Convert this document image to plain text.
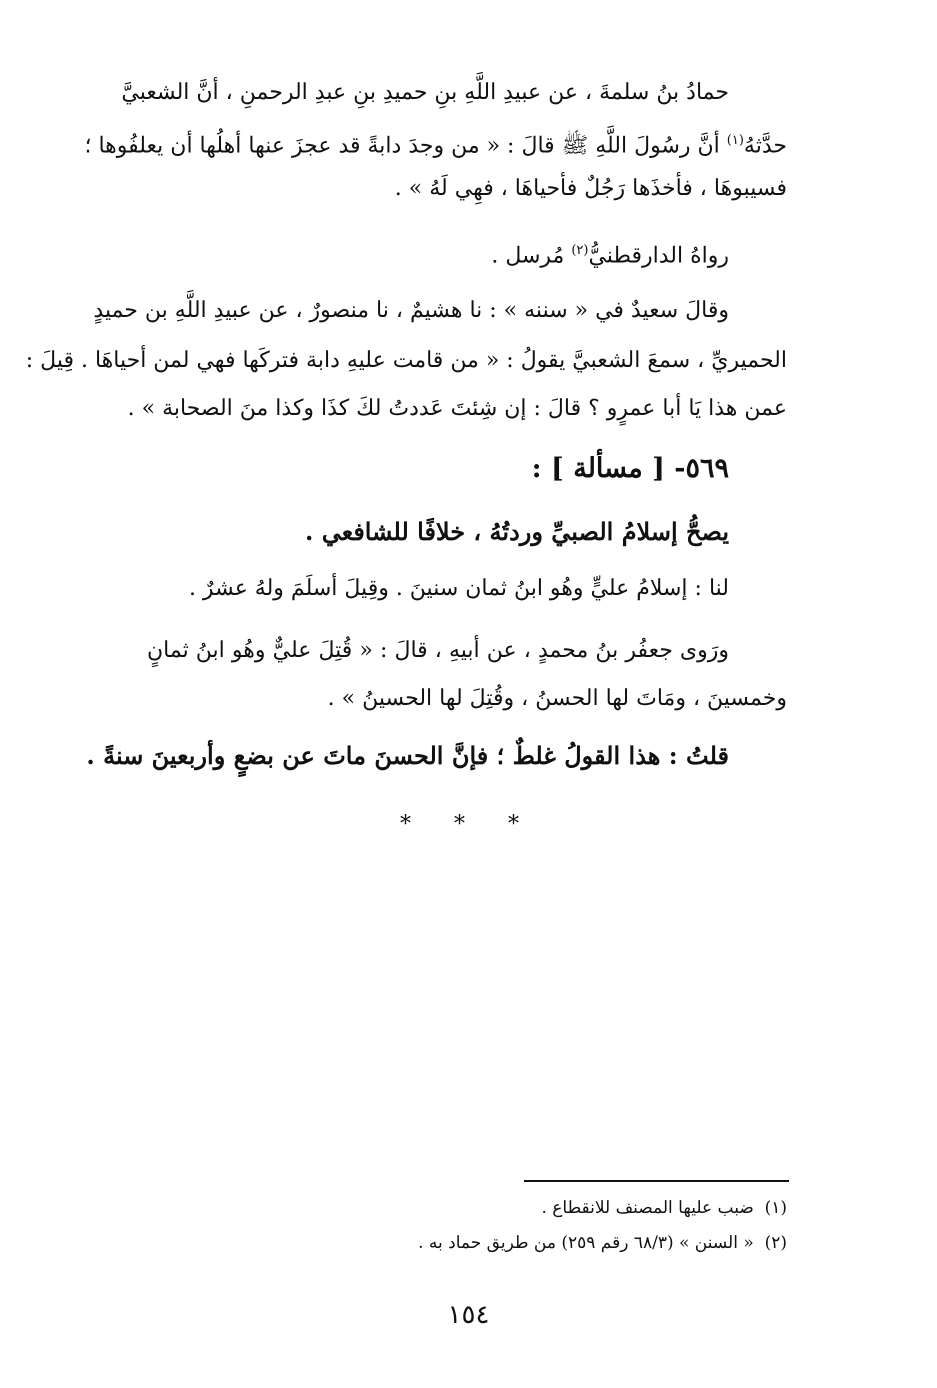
حمادُ بنُ سلمةَ ، عن عبيدِ اللَّهِ بنِ حميدِ بنِ عبدِ الرحمنِ ، أنَّ الشعبيَّ
حدَّثهُ$^{(١)}$ أنَّ رسُولَ اللَّهِ ﷺ قالَ : « من وجدَ دابةً قد عجزَ عنها أهلُها أن يعلفُوها ؛
فسيبوهَا ، فأخذَها رَجُلٌ فأحياهَا ، فهِي لَهُ » .
رواهُ الدارقطنيُّ$^{(٢)}$ مُرسل .
وقالَ سعيدٌ في « سننه » : نا هشيمٌ ، نا منصورٌ ، عن عبيدِ اللَّهِ بن حميدٍ
الحميريِّ ، سمعَ الشعبيَّ يقولُ : « من قامت عليهِ دابة فتركَها فهي لمن أحياهَا . قِيلَ :
عمن هذا يَا أبا عمرٍو ؟ قالَ : إن شِئتَ عَددتُ لكَ كذَا وكذا منَ الصحابة » .
٥٦٩- [ مسألة ] :
يصحُّ إسلامُ الصبيِّ وردتُهُ ، خلافًا للشافعي .
لنا : إسلامُ عليٍّ وهُو ابنُ ثمان سنينَ . وقِيلَ أسلَمَ ولهُ عشرٌ .
ورَوى جعفُر بنُ محمدٍ ، عن أبيهِ ، قالَ : « قُتِلَ عليٌّ وهُو ابنُ ثمانٍ
وخمسينَ ، ومَاتَ لها الحسنُ ، وقُتِلَ لها الحسينُ » .
قلتُ : هذا القولُ غلطٌ ؛ فإنَّ الحسنَ ماتَ عن بضعٍ وأربعينَ سنةً .
* * *
(١)  ضبب عليها المصنف للانقطاع .
(٢)  « السنن » (٦٨/٣ رقم ٢٥٩) من طريق حماد به .
١٥٤
